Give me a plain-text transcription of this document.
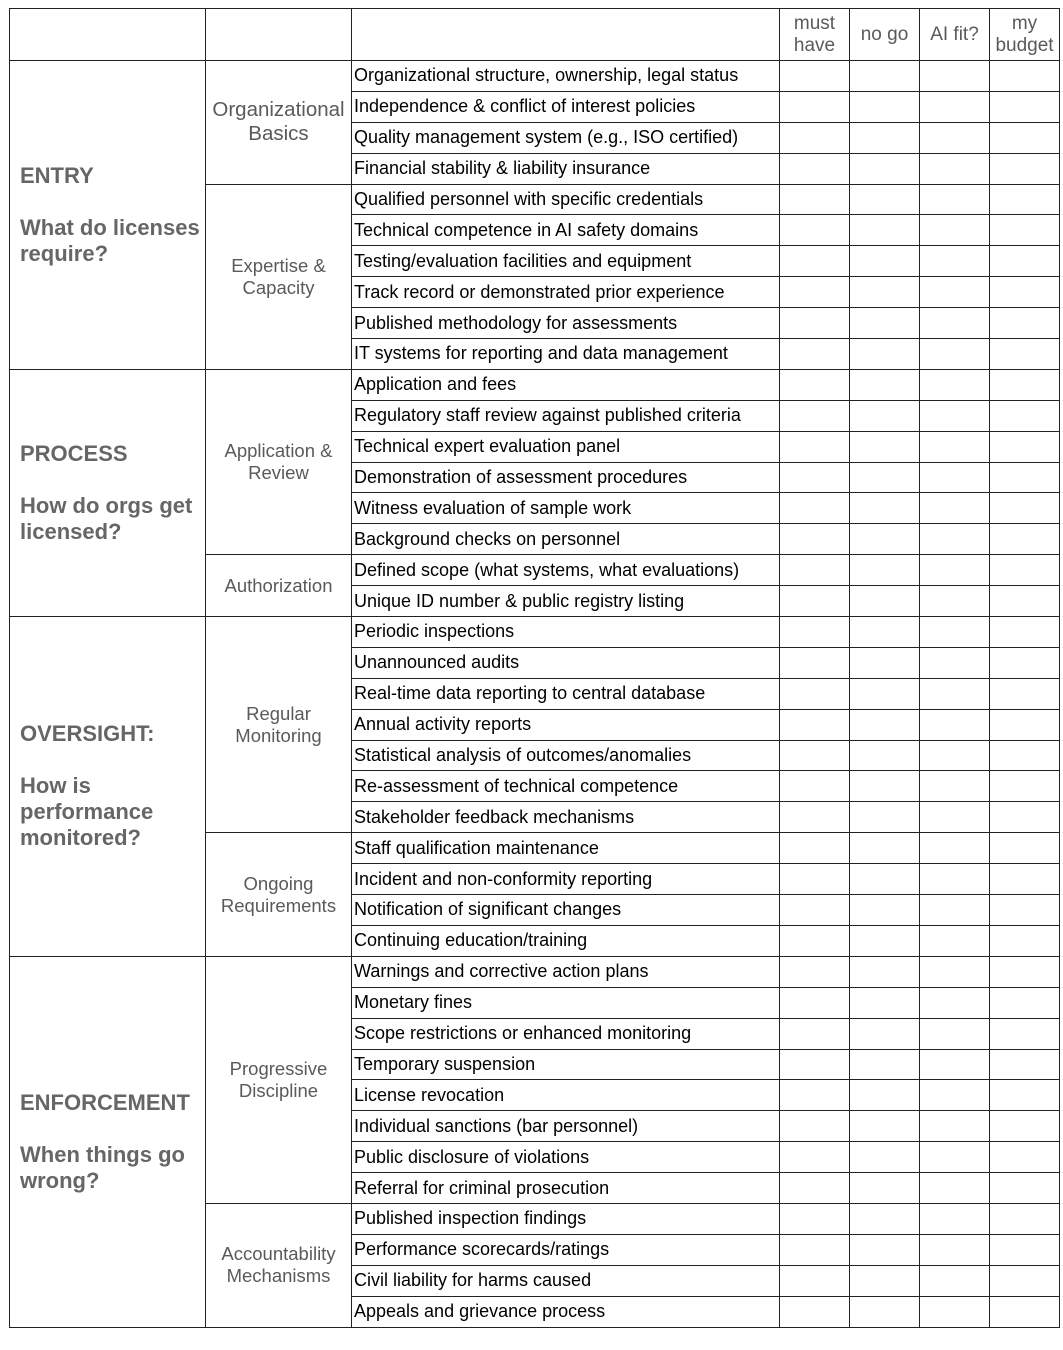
			must have	no go	AI fit?	my budget

ENTRY
What do licenses require?	Organizational Basics	Organizational structure, ownership, legal status				
		Independence & conflict of interest policies				
		Quality management system (e.g., ISO certified)				
		Financial stability & liability insurance				
	Expertise & Capacity	Qualified personnel with specific credentials				
		Technical competence in AI safety domains				
		Testing/evaluation facilities and equipment				
		Track record or demonstrated prior experience				
		Published methodology for assessments				
		IT systems for reporting and data management				

PROCESS
How do orgs get licensed?	Application & Review	Application and fees				
		Regulatory staff review against published criteria				
		Technical expert evaluation panel				
		Demonstration of assessment procedures				
		Witness evaluation of sample work				
		Background checks on personnel				
	Authorization	Defined scope (what systems, what evaluations)				
		Unique ID number & public registry listing				

OVERSIGHT:
How is performance monitored?	Regular Monitoring	Periodic inspections				
		Unannounced audits				
		Real-time data reporting to central database				
		Annual activity reports				
		Statistical analysis of outcomes/anomalies				
		Re-assessment of technical competence				
		Stakeholder feedback mechanisms				
	Ongoing Requirements	Staff qualification maintenance				
		Incident and non-conformity reporting				
		Notification of significant changes				
		Continuing education/training				

ENFORCEMENT
When things go wrong?	Progressive Discipline	Warnings and corrective action plans				
		Monetary fines				
		Scope restrictions or enhanced monitoring				
		Temporary suspension				
		License revocation				
		Individual sanctions (bar personnel)				
		Public disclosure of violations				
		Referral for criminal prosecution				
	Accountability Mechanisms	Published inspection findings				
		Performance scorecards/ratings				
		Civil liability for harms caused				
		Appeals and grievance process				
